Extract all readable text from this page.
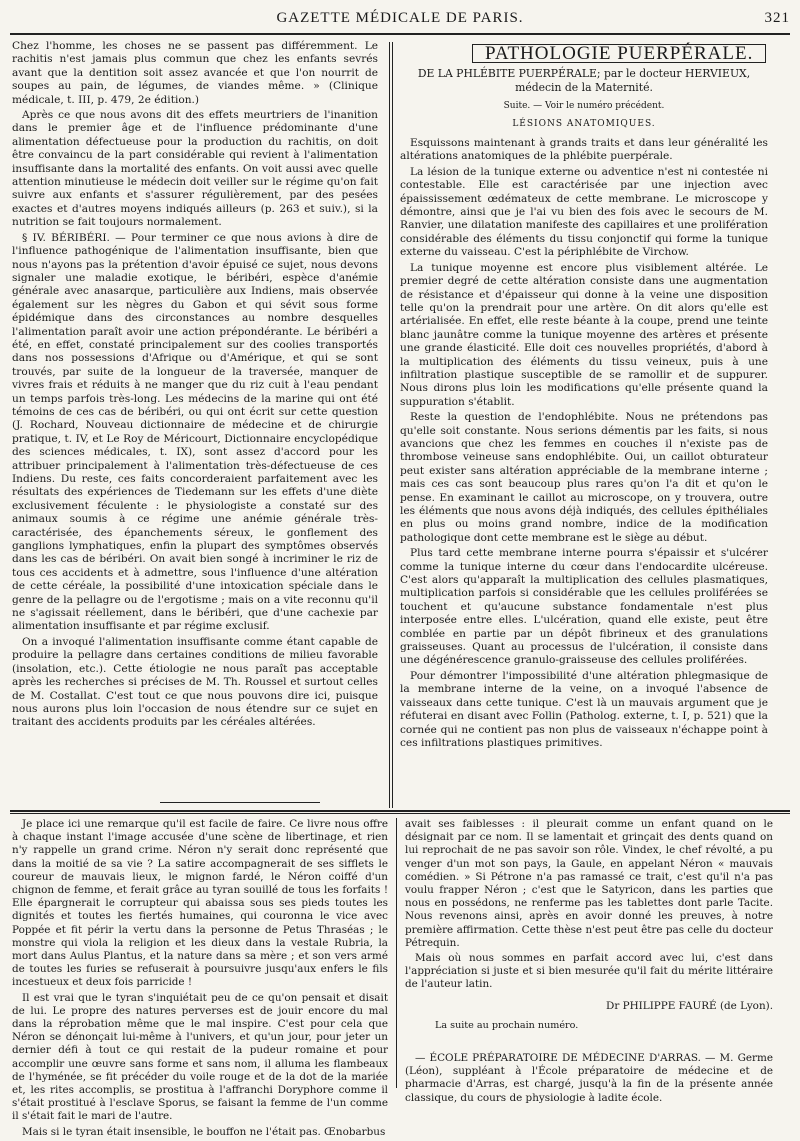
GAZETTE MÉDICALE DE PARIS.	321

Chez l'homme, les choses ne se passent pas différemment. Le rachitis n'est jamais plus commun que chez les enfants sevrés avant que la dentition soit assez avancée et que l'on nourrit de soupes au pain, de légumes, de viandes même. » (Clinique médicale, t. III, p. 479, 2e édition.)

Après ce que nous avons dit des effets meurtriers de l'inanition dans le premier âge et de l'influence prédominante d'une alimentation défectueuse pour la production du rachitis, on doit être convaincu de la part considérable qui revient à l'alimentation insuffisante dans la mortalité des enfants. On voit aussi avec quelle attention minutieuse le médecin doit veiller sur le régime qu'on fait suivre aux enfants et s'assurer régulièrement, par des pesées exactes et d'autres moyens indiqués ailleurs (p. 263 et suiv.), si la nutrition se fait toujours normalement.

§ IV. BÉRIBÉRI. — Pour terminer ce que nous avions à dire de l'influence pathogénique de l'alimentation insuffisante, bien que nous n'ayons pas la prétention d'avoir épuisé ce sujet, nous devons signaler une maladie exotique, le béribéri, espèce d'anémie générale avec anasarque, particulière aux Indiens, mais observée également sur les nègres du Gabon et qui sévit sous forme épidémique dans des circonstances au nombre desquelles l'alimentation paraît avoir une action prépondérante. Le béribéri a été, en effet, constaté principalement sur des coolies transportés dans nos possessions d'Afrique ou d'Amérique, et qui se sont trouvés, par suite de la longueur de la traversée, manquer de vivres frais et réduits à ne manger que du riz cuit à l'eau pendant un temps parfois très-long. Les médecins de la marine qui ont été témoins de ces cas de béribéri, ou qui ont écrit sur cette question (J. Rochard, Nouveau dictionnaire de médecine et de chirurgie pratique, t. IV, et Le Roy de Méricourt, Dictionnaire encyclopédique des sciences médicales, t. IX), sont assez d'accord pour les attribuer principalement à l'alimentation très-défectueuse de ces Indiens. Du reste, ces faits concorderaient parfaitement avec les résultats des expériences de Tiedemann sur les effets d'une diète exclusivement féculente : le physiologiste a constaté sur des animaux soumis à ce régime une anémie générale très-caractérisée, des épanchements séreux, le gonflement des ganglions lymphatiques, enfin la plupart des symptômes observés dans les cas de béribéri. On avait bien songé à incriminer le riz de tous ces accidents et à admettre, sous l'influence d'une altération de cette céréale, la possibilité d'une intoxication spéciale dans le genre de la pellagre ou de l'ergotisme ; mais on a vite reconnu qu'il ne s'agissait réellement, dans le béribéri, que d'une cachexie par alimentation insuffisante et par régime exclusif.

On a invoqué l'alimentation insuffisante comme étant capable de produire la pellagre dans certaines conditions de milieu favorable (insolation, etc.). Cette étiologie ne nous paraît pas acceptable après les recherches si précises de M. Th. Roussel et surtout celles de M. Costallat. C'est tout ce que nous pouvons dire ici, puisque nous aurons plus loin l'occasion de nous étendre sur ce sujet en traitant des accidents produits par les céréales altérées.

PATHOLOGIE PUERPÉRALE.
DE LA PHLÉBITE PUERPÉRALE; par le docteur HERVIEUX,
médecin de la Maternité.
Suite. — Voir le numéro précédent.
LÉSIONS ANATOMIQUES.

Esquissons maintenant à grands traits et dans leur généralité les altérations anatomiques de la phlébite puerpérale.

La lésion de la tunique externe ou adventice n'est ni contestée ni contestable. Elle est caractérisée par une injection avec épaississement œdémateux de cette membrane. Le microscope y démontre, ainsi que je l'ai vu bien des fois avec le secours de M. Ranvier, une dilatation manifeste des capillaires et une prolifération considérable des éléments du tissu conjonctif qui forme la tunique externe du vaisseau. C'est la périphlébite de Virchow.

La tunique moyenne est encore plus visiblement altérée. Le premier degré de cette altération consiste dans une augmentation de résistance et d'épaisseur qui donne à la veine une disposition telle qu'on la prendrait pour une artère. On dit alors qu'elle est artérialisée. En effet, elle reste béante à la coupe, prend une teinte blanc jaunâtre comme la tunique moyenne des artères et présente une grande élasticité. Elle doit ces nouvelles propriétés, d'abord à la multiplication des éléments du tissu veineux, puis à une infiltration plastique susceptible de se ramollir et de suppurer. Nous dirons plus loin les modifications qu'elle présente quand la suppuration s'établit.

Reste la question de l'endophlébite. Nous ne prétendons pas qu'elle soit constante. Nous serions démentis par les faits, si nous avancions que chez les femmes en couches il n'existe pas de thrombose veineuse sans endophlébite. Oui, un caillot obturateur peut exister sans altération appréciable de la membrane interne ; mais ces cas sont beaucoup plus rares qu'on l'a dit et qu'on le pense. En examinant le caillot au microscope, on y trouvera, outre les éléments que nous avons déjà indiqués, des cellules épithéliales en plus ou moins grand nombre, indice de la modification pathologique dont cette membrane est le siège au début.

Plus tard cette membrane interne pourra s'épaissir et s'ulcérer comme la tunique interne du cœur dans l'endocardite ulcéreuse. C'est alors qu'apparaît la multiplication des cellules plasmatiques, multiplication parfois si considérable que les cellules proliférées se touchent et qu'aucune substance fondamentale n'est plus interposée entre elles. L'ulcération, quand elle existe, peut être comblée en partie par un dépôt fibrineux et des granulations graisseuses. Quant au processus de l'ulcération, il consiste dans une dégénérescence granulo-graisseuse des cellules proliférées.

Pour démontrer l'impossibilité d'une altération phlegmasique de la membrane interne de la veine, on a invoqué l'absence de vaisseaux dans cette tunique. C'est là un mauvais argument que je réfuterai en disant avec Follin (Patholog. externe, t. I, p. 521) que la cornée qui ne contient pas non plus de vaisseaux n'échappe point à ces infiltrations plastiques primitives.

Je place ici une remarque qu'il est facile de faire. Ce livre nous offre à chaque instant l'image accusée d'une scène de libertinage, et rien n'y rappelle un grand crime. Néron n'y serait donc représenté que dans la moitié de sa vie ? La satire accompagnerait de ses sifflets le coureur de mauvais lieux, le mignon fardé, le Néron coiffé d'un chignon de femme, et ferait grâce au tyran souillé de tous les forfaits ! Elle épargnerait le corrupteur qui abaissa sous ses pieds toutes les dignités et toutes les fiertés humaines, qui couronna le vice avec Poppée et fit périr la vertu dans la personne de Petus Thraséas ; le monstre qui viola la religion et les dieux dans la vestale Rubria, la mort dans Aulus Plantus, et la nature dans sa mère ; et son vers armé de toutes les furies se refuserait à poursuivre jusqu'aux enfers le fils incestueux et deux fois parricide !

Il est vrai que le tyran s'inquiétait peu de ce qu'on pensait et disait de lui. Le propre des natures perverses est de jouir encore du mal dans la réprobation même que le mal inspire. C'est pour cela que Néron se dénonçait lui-même à l'univers, et qu'un jour, pour jeter un dernier défi à tout ce qui restait de la pudeur romaine et pour accomplir une œuvre sans forme et sans nom, il alluma les flambeaux de l'hyménée, se fit précéder du voile rouge et de la dot de la mariée et, les rites accomplis, se prostitua à l'affranchi Doryphore comme il s'était prostitué à l'esclave Sporus, se faisant la femme de l'un comme il s'était fait le mari de l'autre.

Mais si le tyran était insensible, le bouffon ne l'était pas. Œnobarbus

avait ses faiblesses : il pleurait comme un enfant quand on le désignait par ce nom. Il se lamentait et grinçait des dents quand on lui reprochait de ne pas savoir son rôle. Vindex, le chef révolté, a pu venger d'un mot son pays, la Gaule, en appelant Néron « mauvais comédien. » Si Pétrone n'a pas ramassé ce trait, c'est qu'il n'a pas voulu frapper Néron ; c'est que le Satyricon, dans les parties que nous en possédons, ne renferme pas les tablettes dont parle Tacite. Nous revenons ainsi, après en avoir donné les preuves, à notre première affirmation. Cette thèse n'est peut être pas celle du docteur Pétrequin.

Mais où nous sommes en parfait accord avec lui, c'est dans l'appréciation si juste et si bien mesurée qu'il fait du mérite littéraire de l'auteur latin.

Dr PHILIPPE FAURÉ (de Lyon).
La suite au prochain numéro.

— ÉCOLE PRÉPARATOIRE DE MÉDECINE D'ARRAS. — M. Germe (Léon), suppléant à l'École préparatoire de médecine et de pharmacie d'Arras, est chargé, jusqu'à la fin de la présente année classique, du cours de physiologie à ladite école.
